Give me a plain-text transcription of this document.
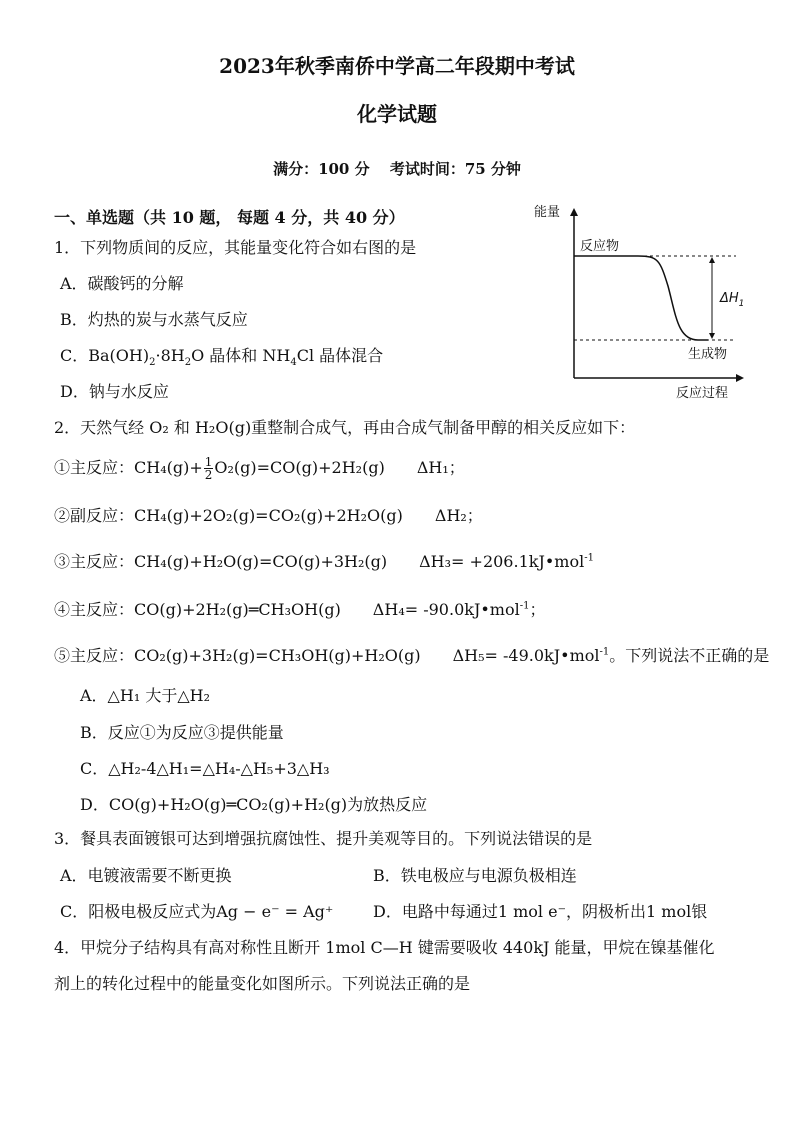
2023年秋季南侨中学高二年段期中考试
化学试题
满分：100 分　 考试时间：75 分钟
一、单选题（共 10 题， 每题 4 分，共 40 分）
1．下列物质间的反应，其能量变化符合如右图的是
A．碳酸钙的分解
B．灼热的炭与水蒸气反应
C．$Ba(OH)_2\cdot 8H_2O$ 晶体和 $NH_4Cl$ 晶体混合
D．钠与水反应
能量
反应物
生成物
$\Delta H_1$
反应过程
2．天然气经 O₂ 和 H₂O(g)重整制合成气，再由合成气制备甲醇的相关反应如下：
①主反应：$CH_4(g)+ \frac{1}{2} O_2(g)=CO(g)+2H_2(g)$　　ΔH₁；
②副反应：CH₄(g)+2O₂(g)=CO₂(g)+2H₂O(g)　　ΔH₂；
③主反应：CH₄(g)+H₂O(g)=CO(g)+3H₂(g)　　ΔH₃= +206.1kJ•mol$^{-1}$
④主反应：CO(g)+2H₂(g)═CH₃OH(g)　　ΔH₄= -90.0kJ•mol$^{-1}$；
⑤主反应：CO₂(g)+3H₂(g)=CH₃OH(g)+H₂O(g)　　ΔH₅= -49.0kJ•mol$^{-1}$。下列说法不正确的是
A．△H₁ 大于△H₂
B．反应①为反应③提供能量
C．△H₂-4△H₁=△H₄-△H₅+3△H₃
D．CO(g)+H₂O(g)═CO₂(g)+H₂(g)为放热反应
3．餐具表面镀银可达到增强抗腐蚀性、提升美观等目的。下列说法错误的是
A．电镀液需要不断更换	B．铁电极应与电源负极相连
C．阳极电极反应式为Ag − e⁻ = Ag⁺ D．电路中每通过1 mol e⁻，阴极析出1 mol银
4．甲烷分子结构具有高对称性且断开 1mol C—H 键需要吸收 440kJ 能量，甲烷在镍基催化
剂上的转化过程中的能量变化如图所示。下列说法正确的是
